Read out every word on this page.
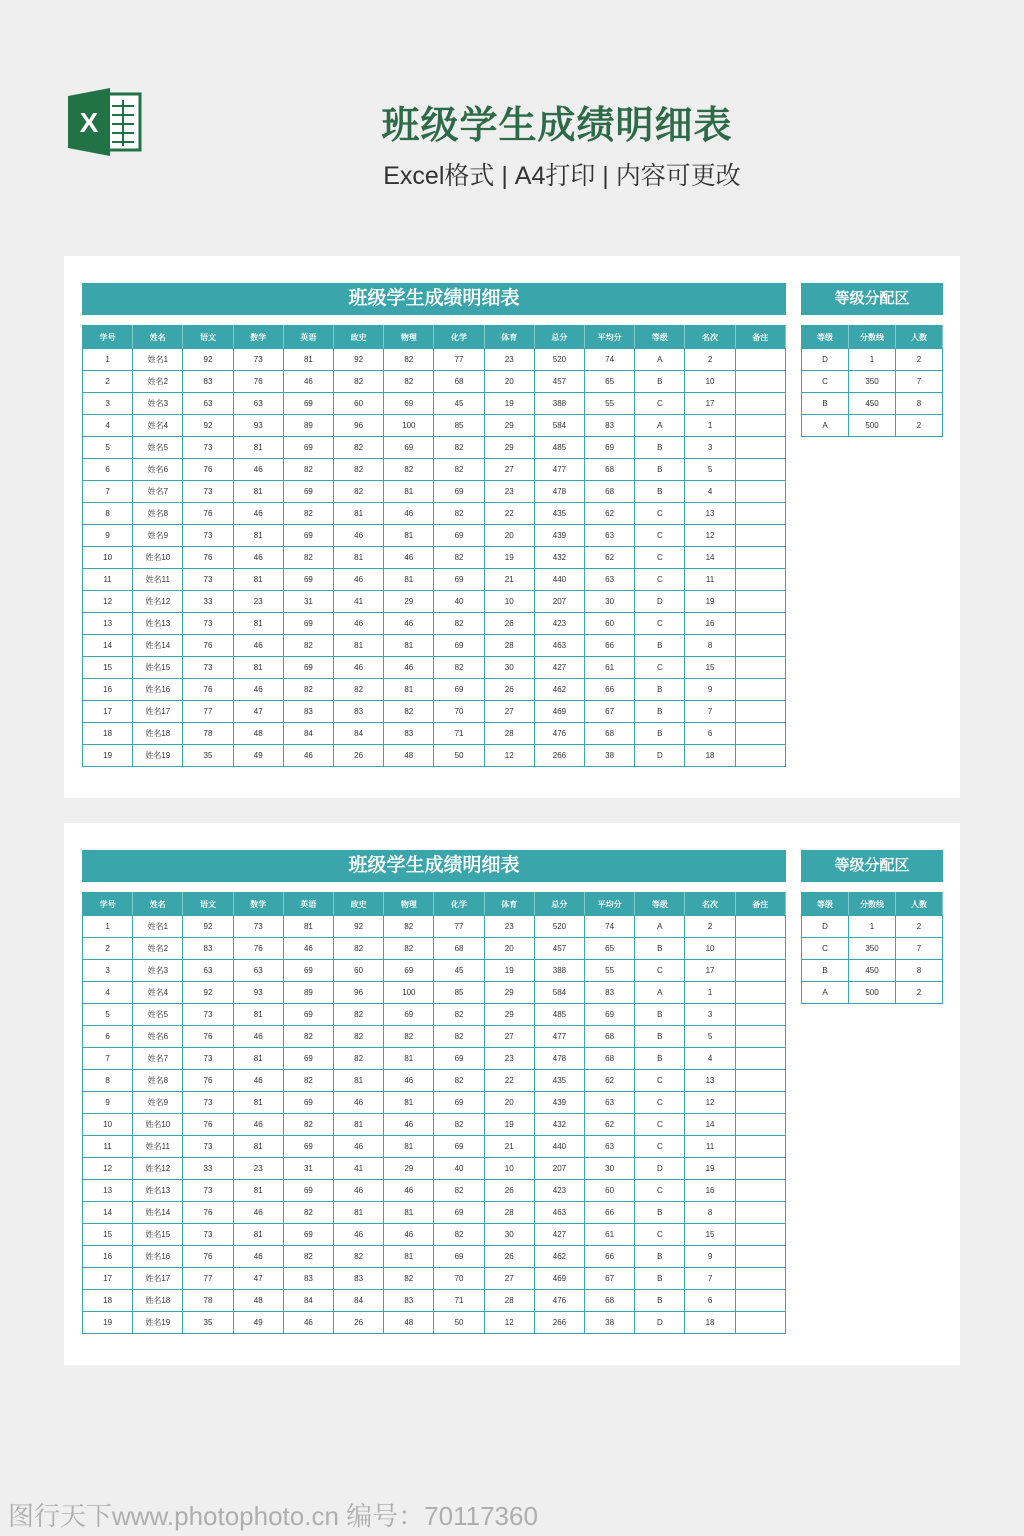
X	班级学生成绩明细表
Excel格式 | A4打印 | 内容可更改
班级学生成绩明细表	等级分配区
学号	姓名	语文	数学	英语	政史	物理	化学	体育	总分	平均分	等级	名次	备注
1	姓名1	92	73	81	92	82	77	23	520	74	A	2	
2	姓名2	83	76	46	82	82	68	20	457	65	B	10	
3	姓名3	63	63	69	60	69	45	19	388	55	C	17	
4	姓名4	92	93	89	96	100	85	29	584	83	A	1	
5	姓名5	73	81	69	82	69	82	29	485	69	B	3	
6	姓名6	76	46	82	82	82	82	27	477	68	B	5	
7	姓名7	73	81	69	82	81	69	23	478	68	B	4	
8	姓名8	76	46	82	81	46	82	22	435	62	C	13	
9	姓名9	73	81	69	46	81	69	20	439	63	C	12	
10	姓名10	76	46	82	81	46	82	19	432	62	C	14	
11	姓名11	73	81	69	46	81	69	21	440	63	C	11	
12	姓名12	33	23	31	41	29	40	10	207	30	D	19	
13	姓名13	73	81	69	46	46	82	26	423	60	C	16	
14	姓名14	76	46	82	81	81	69	28	463	66	B	8	
15	姓名15	73	81	69	46	46	82	30	427	61	C	15	
16	姓名16	76	46	82	82	81	69	26	462	66	B	9	
17	姓名17	77	47	83	83	82	70	27	469	67	B	7	
18	姓名18	78	48	84	84	83	71	28	476	68	B	6	
19	姓名19	35	49	46	26	48	50	12	266	38	D	18	
等级	分数线	人数
D	1	2
C	350	7
B	450	8
A	500	2
班级学生成绩明细表	等级分配区
学号	姓名	语文	数学	英语	政史	物理	化学	体育	总分	平均分	等级	名次	备注
1	姓名1	92	73	81	92	82	77	23	520	74	A	2	
2	姓名2	83	76	46	82	82	68	20	457	65	B	10	
3	姓名3	63	63	69	60	69	45	19	388	55	C	17	
4	姓名4	92	93	89	96	100	85	29	584	83	A	1	
5	姓名5	73	81	69	82	69	82	29	485	69	B	3	
6	姓名6	76	46	82	82	82	82	27	477	68	B	5	
7	姓名7	73	81	69	82	81	69	23	478	68	B	4	
8	姓名8	76	46	82	81	46	82	22	435	62	C	13	
9	姓名9	73	81	69	46	81	69	20	439	63	C	12	
10	姓名10	76	46	82	81	46	82	19	432	62	C	14	
11	姓名11	73	81	69	46	81	69	21	440	63	C	11	
12	姓名12	33	23	31	41	29	40	10	207	30	D	19	
13	姓名13	73	81	69	46	46	82	26	423	60	C	16	
14	姓名14	76	46	82	81	81	69	28	463	66	B	8	
15	姓名15	73	81	69	46	46	82	30	427	61	C	15	
16	姓名16	76	46	82	82	81	69	26	462	66	B	9	
17	姓名17	77	47	83	83	82	70	27	469	67	B	7	
18	姓名18	78	48	84	84	83	71	28	476	68	B	6	
19	姓名19	35	49	46	26	48	50	12	266	38	D	18	
等级	分数线	人数
D	1	2
C	350	7
B	450	8
A	500	2
图行天下www.photophoto.cn 编号：70117360
